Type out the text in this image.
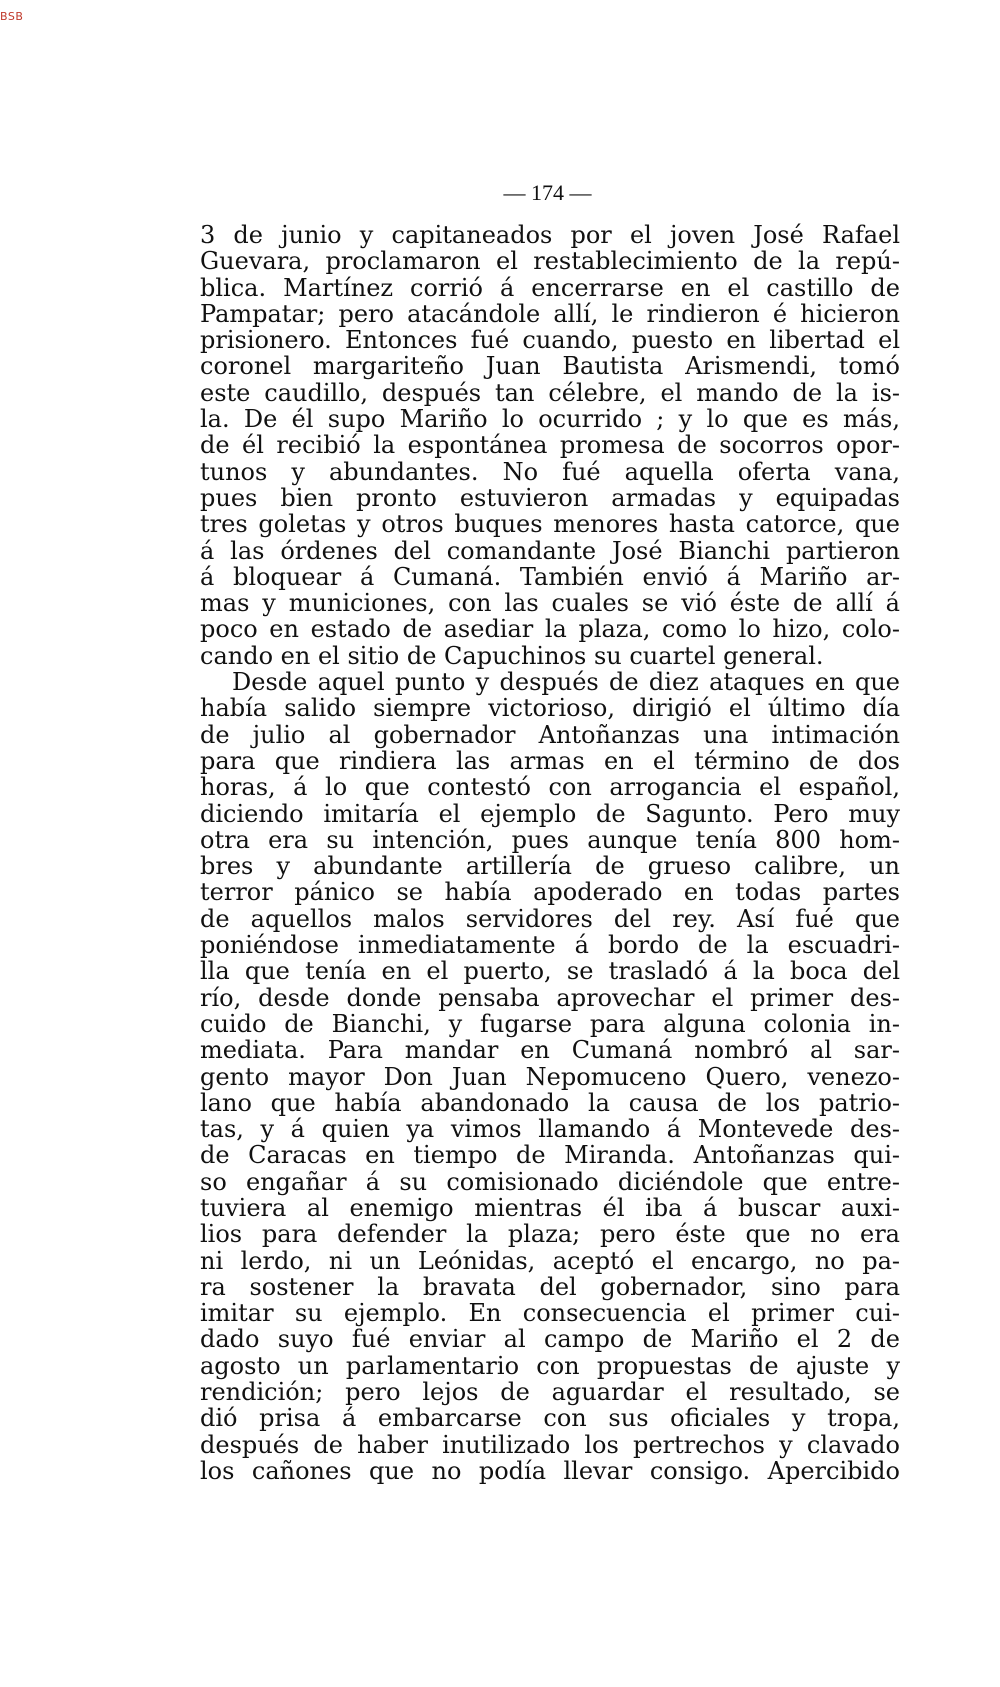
BSB
— 174 —
3 de junio y capitaneados por el joven José Rafael
Guevara, proclamaron el restablecimiento de la repú-
blica. Martínez corrió á encerrarse en el castillo de
Pampatar; pero atacándole allí, le rindieron é hicieron
prisionero. Entonces fué cuando, puesto en libertad el
coronel margariteño Juan Bautista Arismendi, tomó
este caudillo, después tan célebre, el mando de la is-
la. De él supo Mariño lo ocurrido ; y lo que es más,
de él recibió la espontánea promesa de socorros opor-
tunos y abundantes. No fué aquella oferta vana,
pues bien pronto estuvieron armadas y equipadas
tres goletas y otros buques menores hasta catorce, que
á las órdenes del comandante José Bianchi partieron
á bloquear á Cumaná. También envió á Mariño ar-
mas y municiones, con las cuales se vió éste de allí á
poco en estado de asediar la plaza, como lo hizo, colo-
cando en el sitio de Capuchinos su cuartel general.
Desde aquel punto y después de diez ataques en que
había salido siempre victorioso, dirigió el último día
de julio al gobernador Antoñanzas una intimación
para que rindiera las armas en el término de dos
horas, á lo que contestó con arrogancia el español,
diciendo imitaría el ejemplo de Sagunto. Pero muy
otra era su intención, pues aunque tenía 800 hom-
bres y abundante artillería de grueso calibre, un
terror pánico se había apoderado en todas partes
de aquellos malos servidores del rey. Así fué que
poniéndose inmediatamente á bordo de la escuadri-
lla que tenía en el puerto, se trasladó á la boca del
río, desde donde pensaba aprovechar el primer des-
cuido de Bianchi, y fugarse para alguna colonia in-
mediata. Para mandar en Cumaná nombró al sar-
gento mayor Don Juan Nepomuceno Quero, venezo-
lano que había abandonado la causa de los patrio-
tas, y á quien ya vimos llamando á Montevede des-
de Caracas en tiempo de Miranda. Antoñanzas qui-
so engañar á su comisionado diciéndole que entre-
tuviera al enemigo mientras él iba á buscar auxi-
lios para defender la plaza; pero éste que no era
ni lerdo, ni un Leónidas, aceptó el encargo, no pa-
ra sostener la bravata del gobernador, sino para
imitar su ejemplo. En consecuencia el primer cui-
dado suyo fué enviar al campo de Mariño el 2 de
agosto un parlamentario con propuestas de ajuste y
rendición; pero lejos de aguardar el resultado, se
dió prisa á embarcarse con sus oficiales y tropa,
después de haber inutilizado los pertrechos y clavado
los cañones que no podía llevar consigo. Apercibido
